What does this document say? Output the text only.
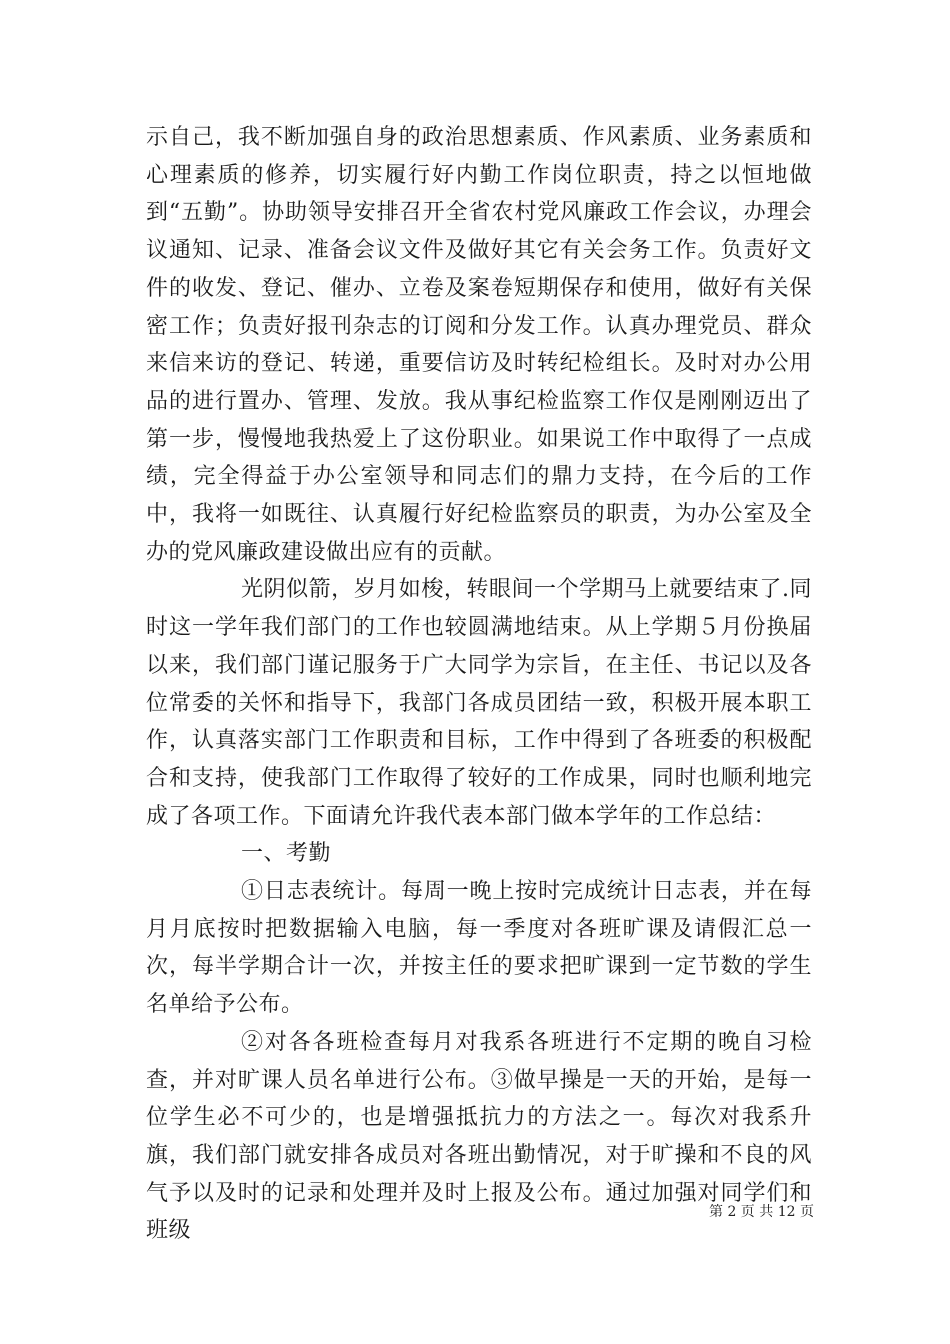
示自己，我不断加强自身的政治思想素质、作风素质、业务素质和心理素质的修养，切实履行好内勤工作岗位职责，持之以恒地做到“五勤”。协助领导安排召开全省农村党风廉政工作会议，办理会议通知、记录、准备会议文件及做好其它有关会务工作。负责好文件的收发、登记、催办、立卷及案卷短期保存和使用，做好有关保密工作；负责好报刊杂志的订阅和分发工作。认真办理党员、群众来信来访的登记、转递，重要信访及时转纪检组长。及时对办公用品的进行置办、管理、发放。我从事纪检监察工作仅是刚刚迈出了第一步，慢慢地我热爱上了这份职业。如果说工作中取得了一点成绩，完全得益于办公室领导和同志们的鼎力支持，在今后的工作中，我将一如既往、认真履行好纪检监察员的职责，为办公室及全办的党风廉政建设做出应有的贡献。

光阴似箭，岁月如梭，转眼间一个学期马上就要结束了.同时这一学年我们部门的工作也较圆满地结束。从上学期５月份换届以来，我们部门谨记服务于广大同学为宗旨，在主任、书记以及各位常委的关怀和指导下，我部门各成员团结一致，积极开展本职工作，认真落实部门工作职责和目标，工作中得到了各班委的积极配合和支持，使我部门工作取得了较好的工作成果，同时也顺利地完成了各项工作。下面请允许我代表本部门做本学年的工作总结：

一、考勤

①日志表统计。每周一晚上按时完成统计日志表，并在每月月底按时把数据输入电脑，每一季度对各班旷课及请假汇总一次，每半学期合计一次，并按主任的要求把旷课到一定节数的学生名单给予公布。

②对各各班检查每月对我系各班进行不定期的晚自习检查，并对旷课人员名单进行公布。③做早操是一天的开始，是每一位学生必不可少的，也是增强抵抗力的方法之一。每次对我系升旗，我们部门就安排各成员对各班出勤情况，对于旷操和不良的风气予以及时的记录和处理并及时上报及公布。通过加强对同学们和班级

第 2 页 共 12 页
